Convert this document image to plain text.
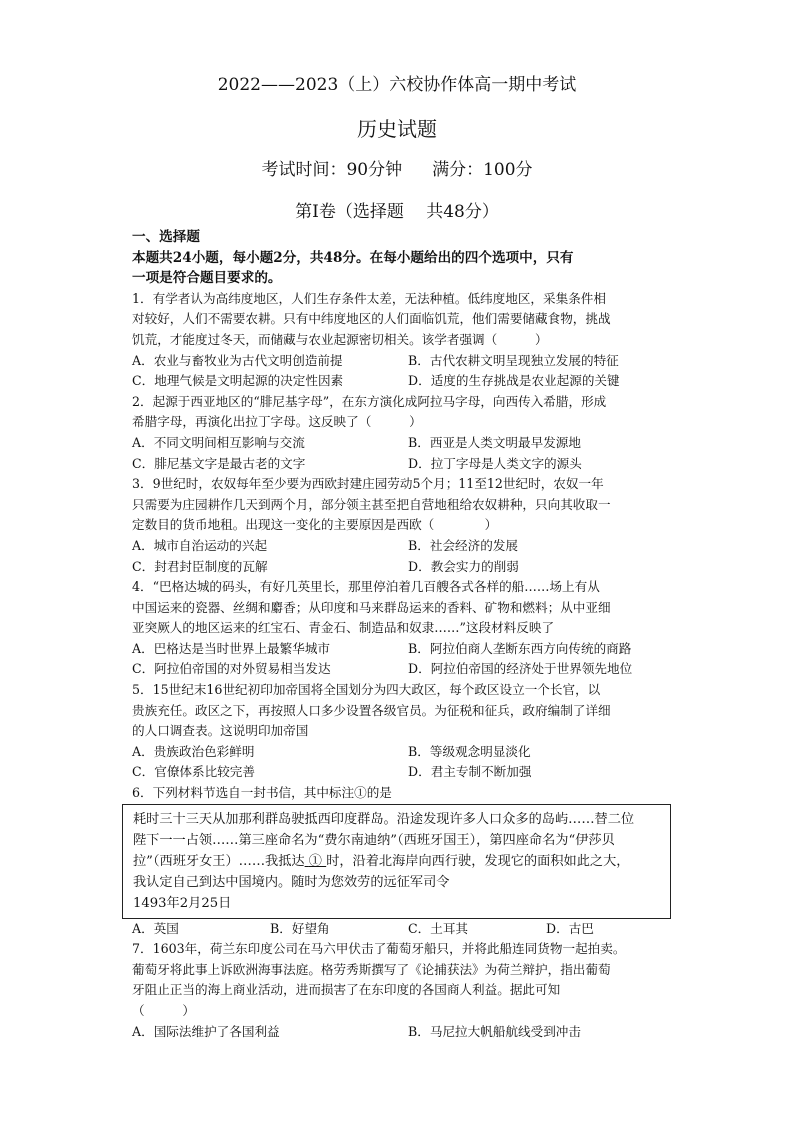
2022——2023（上）六校协作体高一期中考试
历史试题
考试时间：90分钟 满分：100分
第Ⅰ卷（选择题　 共48分）
一、选择题
本题共24小题，每小题2分，共48分。在每小题给出的四个选项中，只有
一项是符合题目要求的。
1．有学者认为高纬度地区，人们生存条件太差，无法种植。低纬度地区，采集条件相
对较好，人们不需要农耕。只有中纬度地区的人们面临饥荒，他们需要储藏食物，挑战
饥荒，才能度过冬天，而储藏与农业起源密切相关。该学者强调（　　　）
A．农业与畜牧业为古代文明创造前提	B．古代农耕文明呈现独立发展的特征
C．地理气候是文明起源的决定性因素	D．适度的生存挑战是农业起源的关键
2．起源于西亚地区的“腓尼基字母”，在东方演化成阿拉马字母，向西传入希腊，形成
希腊字母，再演化出拉丁字母。这反映了（　　　）
A．不同文明间相互影响与交流	B．西亚是人类文明最早发源地
C．腓尼基文字是最古老的文字	D．拉丁字母是人类文字的源头
3．9世纪时，农奴每年至少要为西欧封建庄园劳动5个月；11至12世纪时，农奴一年
只需要为庄园耕作几天到两个月，部分领主甚至把自营地租给农奴耕种，只向其收取一
定数目的货币地租。出现这一变化的主要原因是西欧（　　　　）
A．城市自治运动的兴起	B．社会经济的发展
C．封君封臣制度的瓦解	D．教会实力的削弱
4．“巴格达城的码头，有好几英里长，那里停泊着几百艘各式各样的船……场上有从
中国运来的瓷器、丝绸和麝香；从印度和马来群岛运来的香料、矿物和燃料；从中亚细
亚突厥人的地区运来的红宝石、青金石、制造品和奴隶……”这段材料反映了
A．巴格达是当时世界上最繁华城市	B．阿拉伯商人垄断东西方向传统的商路
C．阿拉伯帝国的对外贸易相当发达	D．阿拉伯帝国的经济处于世界领先地位
5．15世纪末16世纪初印加帝国将全国划分为四大政区，每个政区设立一个长官，以
贵族充任。政区之下，再按照人口多少设置各级官员。为征税和征兵，政府编制了详细
的人口调查表。这说明印加帝国
A．贵族政治色彩鲜明	B．等级观念明显淡化
C．官僚体系比较完善	D．君主专制不断加强
6．下列材料节选自一封书信，其中标注①的是
耗时三十三天从加那利群岛驶抵西印度群岛。沿途发现许多人口众多的岛屿……替二位
陛下一一占领……第三座命名为“费尔南迪纳”（西班牙国王），第四座命名为“伊莎贝
拉”（西班牙女王）……我抵达 ① 时，沿着北海岸向西行驶，发现它的面积如此之大，
我认定自己到达中国境内。随时为您效劳的远征军司令
1493年2月25日
A．英国	B．好望角	C．土耳其	D．古巴
7．1603年，荷兰东印度公司在马六甲伏击了葡萄牙船只，并将此船连同货物一起拍卖。
葡萄牙将此事上诉欧洲海事法庭。格劳秀斯撰写了《论捕获法》为荷兰辩护，指出葡萄
牙阻止正当的海上商业活动，进而损害了在东印度的各国商人利益。据此可知
（　　　）
A．国际法维护了各国利益	B．马尼拉大帆船航线受到冲击
